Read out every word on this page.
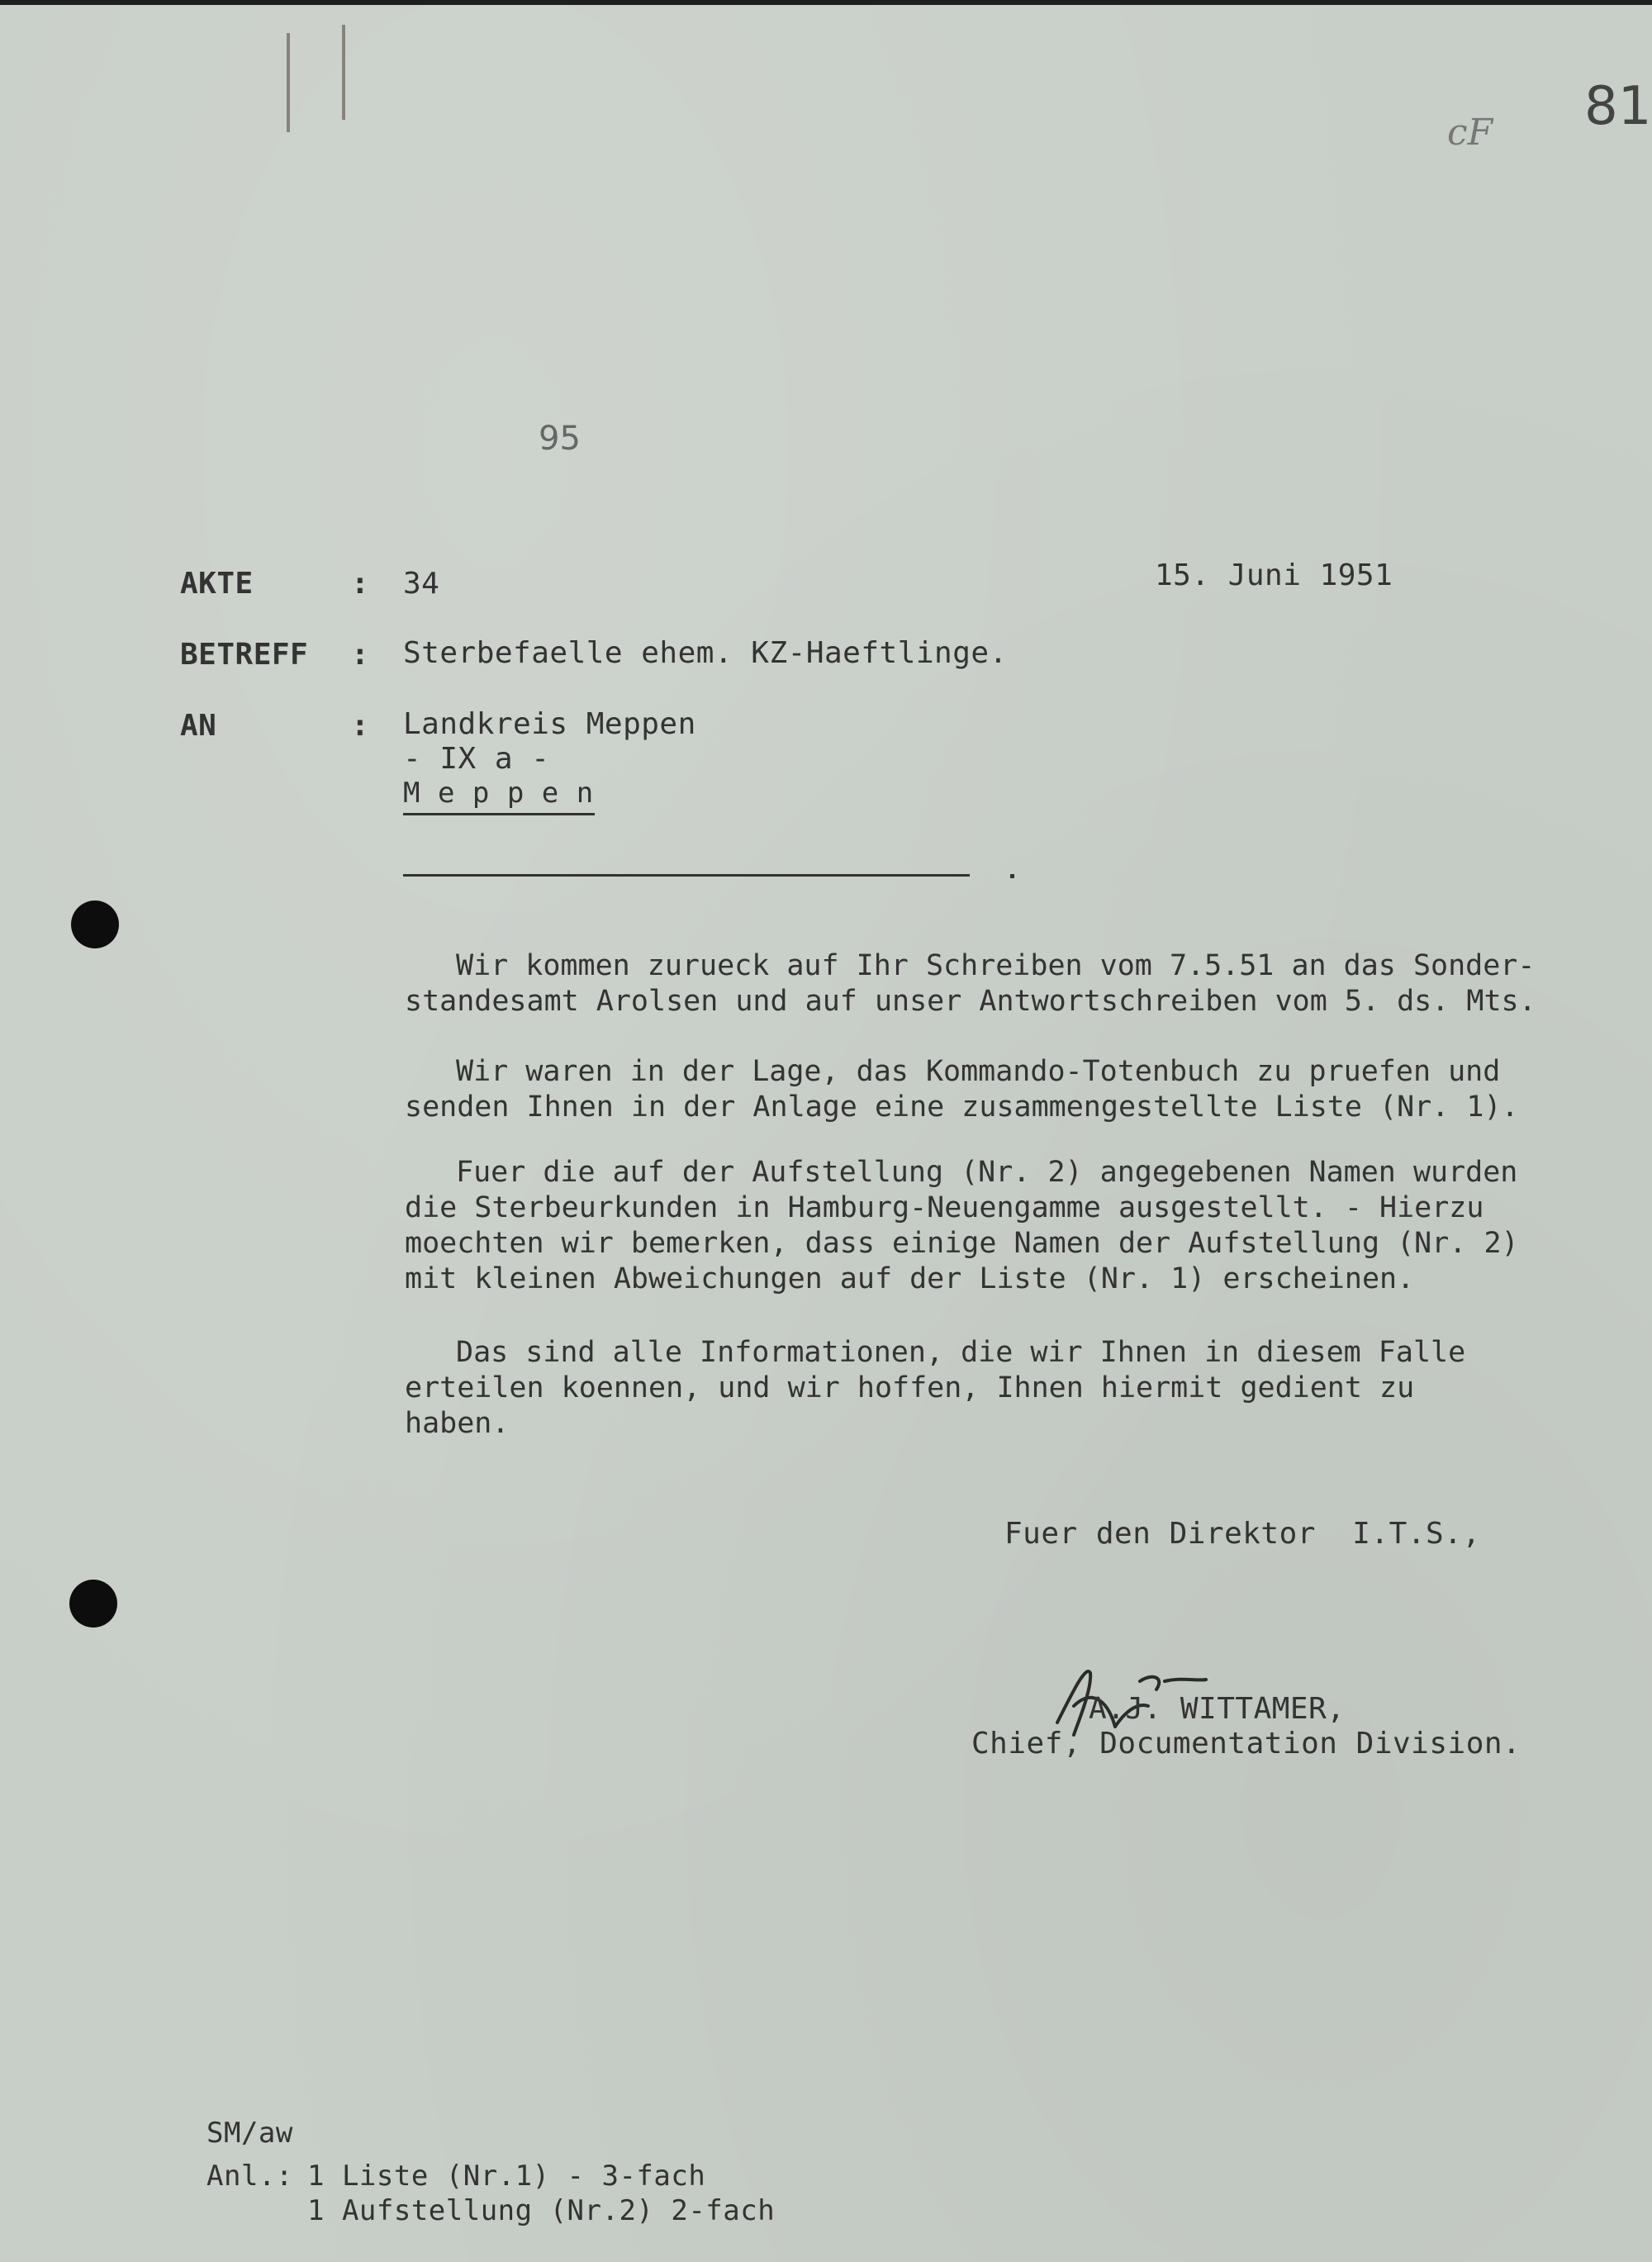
cF 81
95
AKTE	: 34	15. Juni 1951
BETREFF : Sterbefaelle ehem. KZ-Haeftlinge.
AN	: Landkreis Meppen
- IX a -
M e p p e n
Wir kommen zurueck auf Ihr Schreiben vom 7.5.51 an das Sonder-
standesamt Arolsen und auf unser Antwortschreiben vom 5. ds. Mts.
Wir waren in der Lage, das Kommando-Totenbuch zu pruefen und
senden Ihnen in der Anlage eine zusammengestellte Liste (Nr. 1).
Fuer die auf der Aufstellung (Nr. 2) angegebenen Namen wurden
die Sterbeurkunden in Hamburg-Neuengamme ausgestellt. - Hierzu
moechten wir bemerken, dass einige Namen der Aufstellung (Nr. 2)
mit kleinen Abweichungen auf der Liste (Nr. 1) erscheinen.
Das sind alle Informationen, die wir Ihnen in diesem Falle
erteilen koennen, und wir hoffen, Ihnen hiermit gedient zu
haben.
Fuer den Direktor  I.T.S.,
A.J. WITTAMER,
Chief, Documentation Division.
SM/aw
Anl.: 1 Liste (Nr.1) - 3-fach
1 Aufstellung (Nr.2) 2-fach
